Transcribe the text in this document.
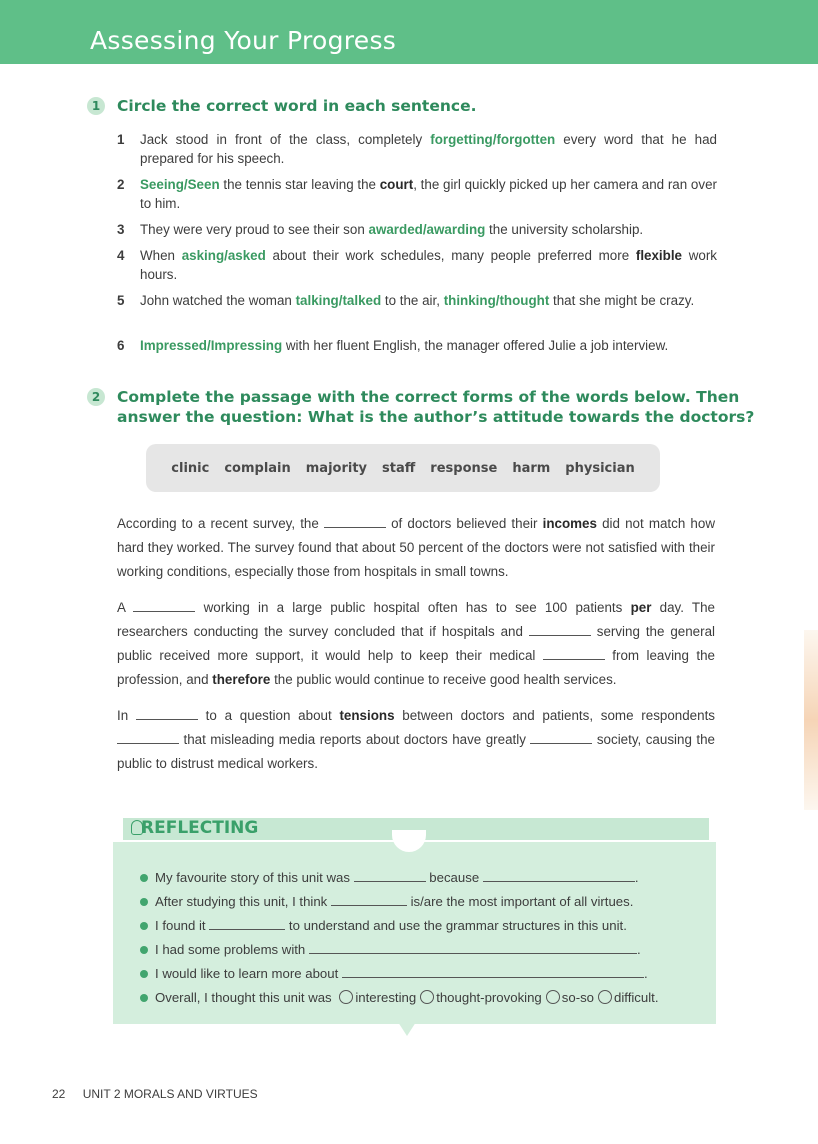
Assessing Your Progress
1	Circle the correct word in each sentence.
1 Jack stood in front of the class, completely forgetting/forgotten every word that he had prepared for his speech.
2 Seeing/Seen the tennis star leaving the court, the girl quickly picked up her camera and ran over to him.
3 They were very proud to see their son awarded/awarding the university scholarship.
4 When asking/asked about their work schedules, many people preferred more flexible work hours.
5 John watched the woman talking/talked to the air, thinking/thought that she might be crazy.
6 Impressed/Impressing with her fluent English, the manager offered Julie a job interview.
2	Complete the passage with the correct forms of the words below. Then
answer the question: What is the author’s attitude towards the doctors?
clinic complain majority staff response harm physician
According to a recent survey, the	of doctors believed their incomes did not match how hard they worked. The survey found that about 50 percent of the doctors were not satisfied with their working conditions, especially those from hospitals in small towns.
A	working in a large public hospital often has to see 100 patients per day. The researchers conducting the survey concluded that if hospitals and	serving the general public received more support, it would help to keep their medical	from leaving the profession, and therefore the public would continue to receive good health services.
In	to a question about tensions between doctors and patients, some respondents  that misleading media reports about doctors have greatly	society, causing the public to distrust medical workers.
REFLECTING
My favourite story of this unit was	because	.
After studying this unit, I think	is/are the most important of all virtues.
I found it	to understand and use the grammar structures in this unit.
I had some problems with	.
I would like to learn more about	.
Overall, I thought this unit was interesting thought-provoking so-so difficult.
22 UNIT 2 MORALS AND VIRTUES
